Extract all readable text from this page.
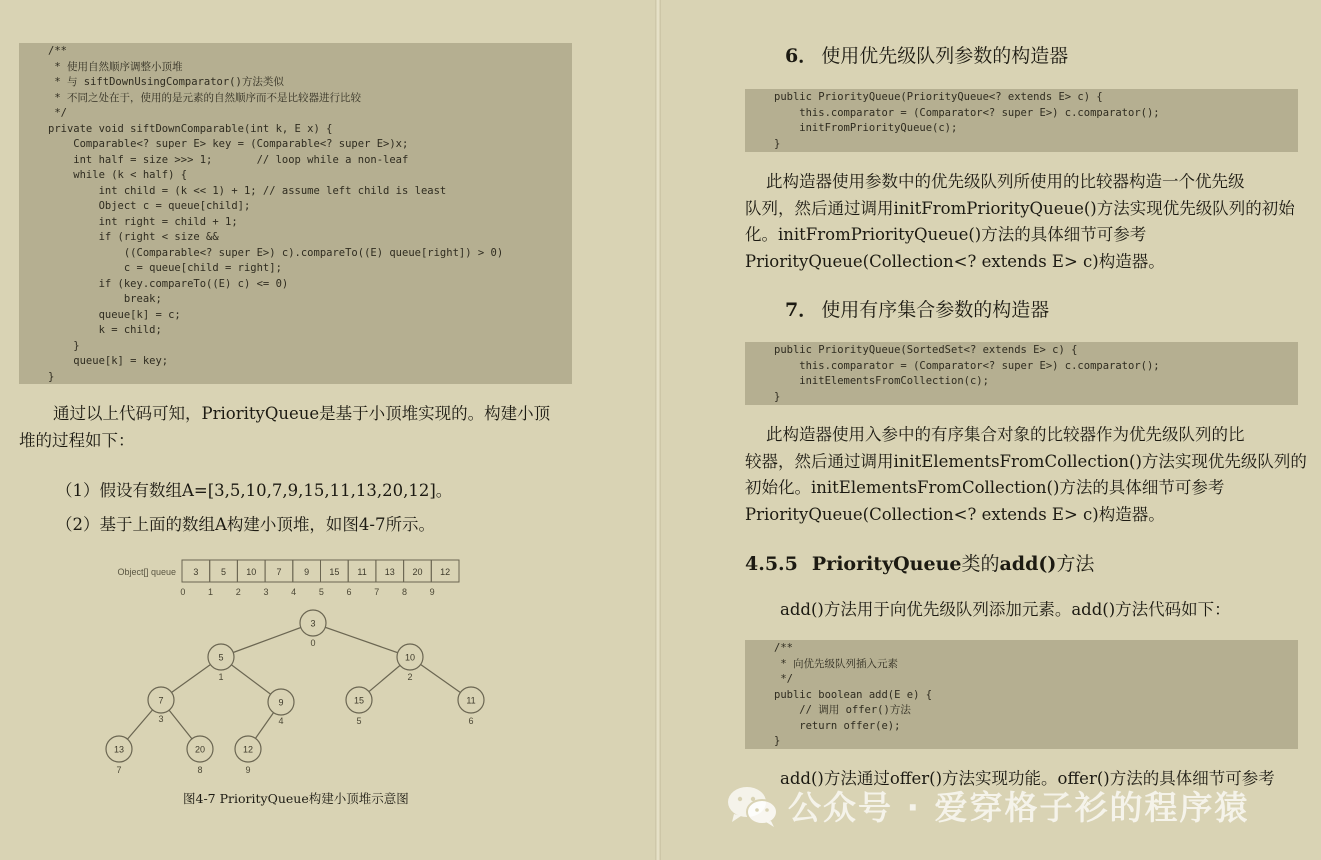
/**
* 使用自然顺序调整小顶堆
* 与 siftDownUsingComparator()方法类似
* 不同之处在于，使用的是元素的自然顺序而不是比较器进行比较
*/
private void siftDownComparable(int k, E x) {
Comparable<? super E> key = (Comparable<? super E>)x;
int half = size >>> 1;       // loop while a non-leaf
while (k < half) {
int child = (k << 1) + 1; // assume left child is least
Object c = queue[child];
int right = child + 1;
if (right < size &&
((Comparable<? super E>) c).compareTo((E) queue[right]) > 0)
c = queue[child = right];
if (key.compareTo((E) c) <= 0)
break;
queue[k] = c;
k = child;
}
queue[k] = key;
}
通过以上代码可知，PriorityQueue是基于小顶堆实现的。构建小顶
堆的过程如下：
（1）假设有数组A=[3,5,10,7,9,15,11,13,20,12]。
（2）基于上面的数组A构建小顶堆，如图4-7所示。
Object[] queue 3
0
5
1
10
2
7
3
9
4
15
5
11
6
13
7
20
8
12
9
3
0
5
1
10
2
7
3
9
4
15
5
11
6
13
7
20
8
12
9
图4-7 PriorityQueue构建小顶堆示意图
6． 使用优先级队列参数的构造器
public PriorityQueue(PriorityQueue<? extends E> c) {
this.comparator = (Comparator<? super E>) c.comparator();
initFromPriorityQueue(c);
}
此构造器使用参数中的优先级队列所使用的比较器构造一个优先级
队列，然后通过调用initFromPriorityQueue()方法实现优先级队列的初始
化。initFromPriorityQueue()方法的具体细节可参考
PriorityQueue(Collection<? extends E> c)构造器。
7． 使用有序集合参数的构造器
public PriorityQueue(SortedSet<? extends E> c) {
this.comparator = (Comparator<? super E>) c.comparator();
initElementsFromCollection(c);
}
此构造器使用入参中的有序集合对象的比较器作为优先级队列的比
较器，然后通过调用initElementsFromCollection()方法实现优先级队列的
初始化。initElementsFromCollection()方法的具体细节可参考
PriorityQueue(Collection<? extends E> c)构造器。
4.5.5 PriorityQueue类的add()方法
add()方法用于向优先级队列添加元素。add()方法代码如下：
/**
* 向优先级队列插入元素
*/
public boolean add(E e) {
// 调用 offer()方法
return offer(e);
}
add()方法通过offer()方法实现功能。offer()方法的具体细节可参考
公众号 · 爱穿格子衫的程序猿
